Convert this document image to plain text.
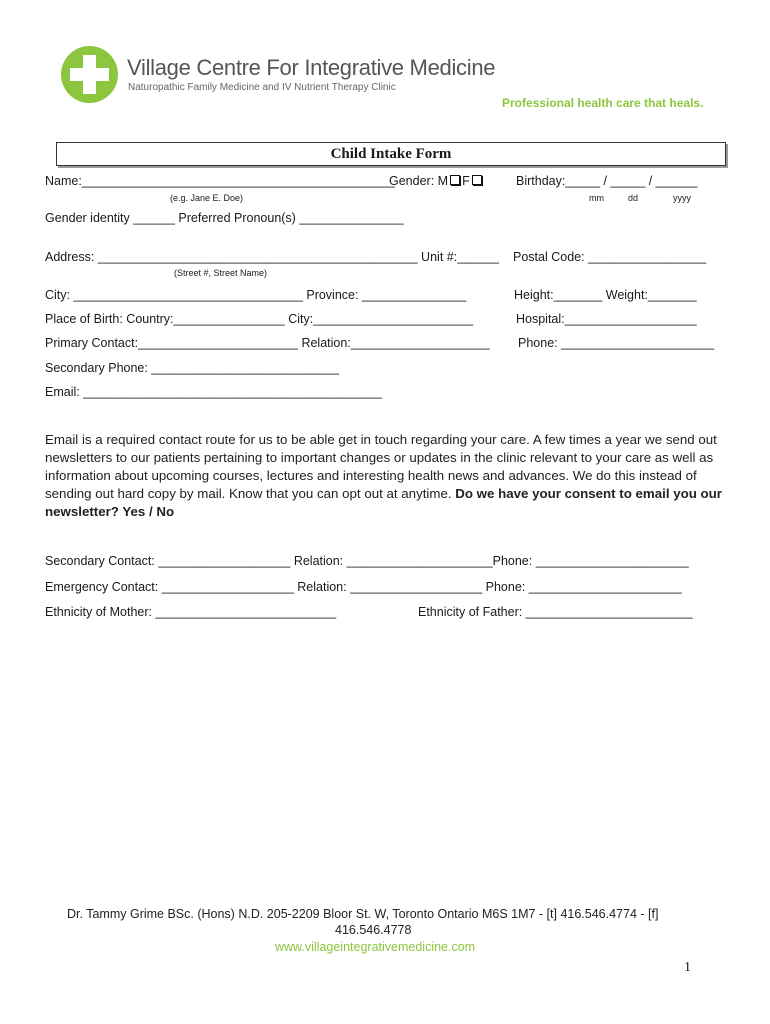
Village Centre For Integrative Medicine
Naturopathic Family Medicine and IV Nutrient Therapy Clinic
Professional health care that heals.
Child Intake Form
Name:_____________________________________________
(e.g. Jane E. Doe)
Gender: M F	Birthday:_____ / _____ / ______
mm	dd	yyyy
Gender identity ______ Preferred Pronoun(s) _______________
Address: ______________________________________________ Unit #:______ Postal Code: _________________
(Street #, Street Name)
City: _________________________________ Province: _______________	Height:_______ Weight:_______
Place of Birth: Country:________________ City:_______________________	Hospital:___________________
Primary Contact:_______________________ Relation:____________________ Phone: ______________________
Secondary Phone: ___________________________
Email: ___________________________________________
Email is a required contact route for us to be able get in touch regarding your care. A few times a year we send out newsletters to our patients pertaining to important changes or updates in the clinic relevant to your care as well as information about upcoming courses, lectures and interesting health news and advances. We do this instead of sending out hard copy by mail. Know that you can opt out at anytime. Do we have your consent to email you our newsletter? Yes / No
Secondary Contact: ___________________ Relation: _____________________Phone: ______________________
Emergency Contact: ___________________ Relation: ___________________ Phone: ______________________
Ethnicity of Mother: __________________________	Ethnicity of Father: ________________________
Dr. Tammy Grime BSc. (Hons) N.D. 205-2209 Bloor St. W, Toronto Ontario M6S 1M7 - [t] 416.546.4774 - [f]
416.546.4778
www.villageintegrativemedicine.com
1
